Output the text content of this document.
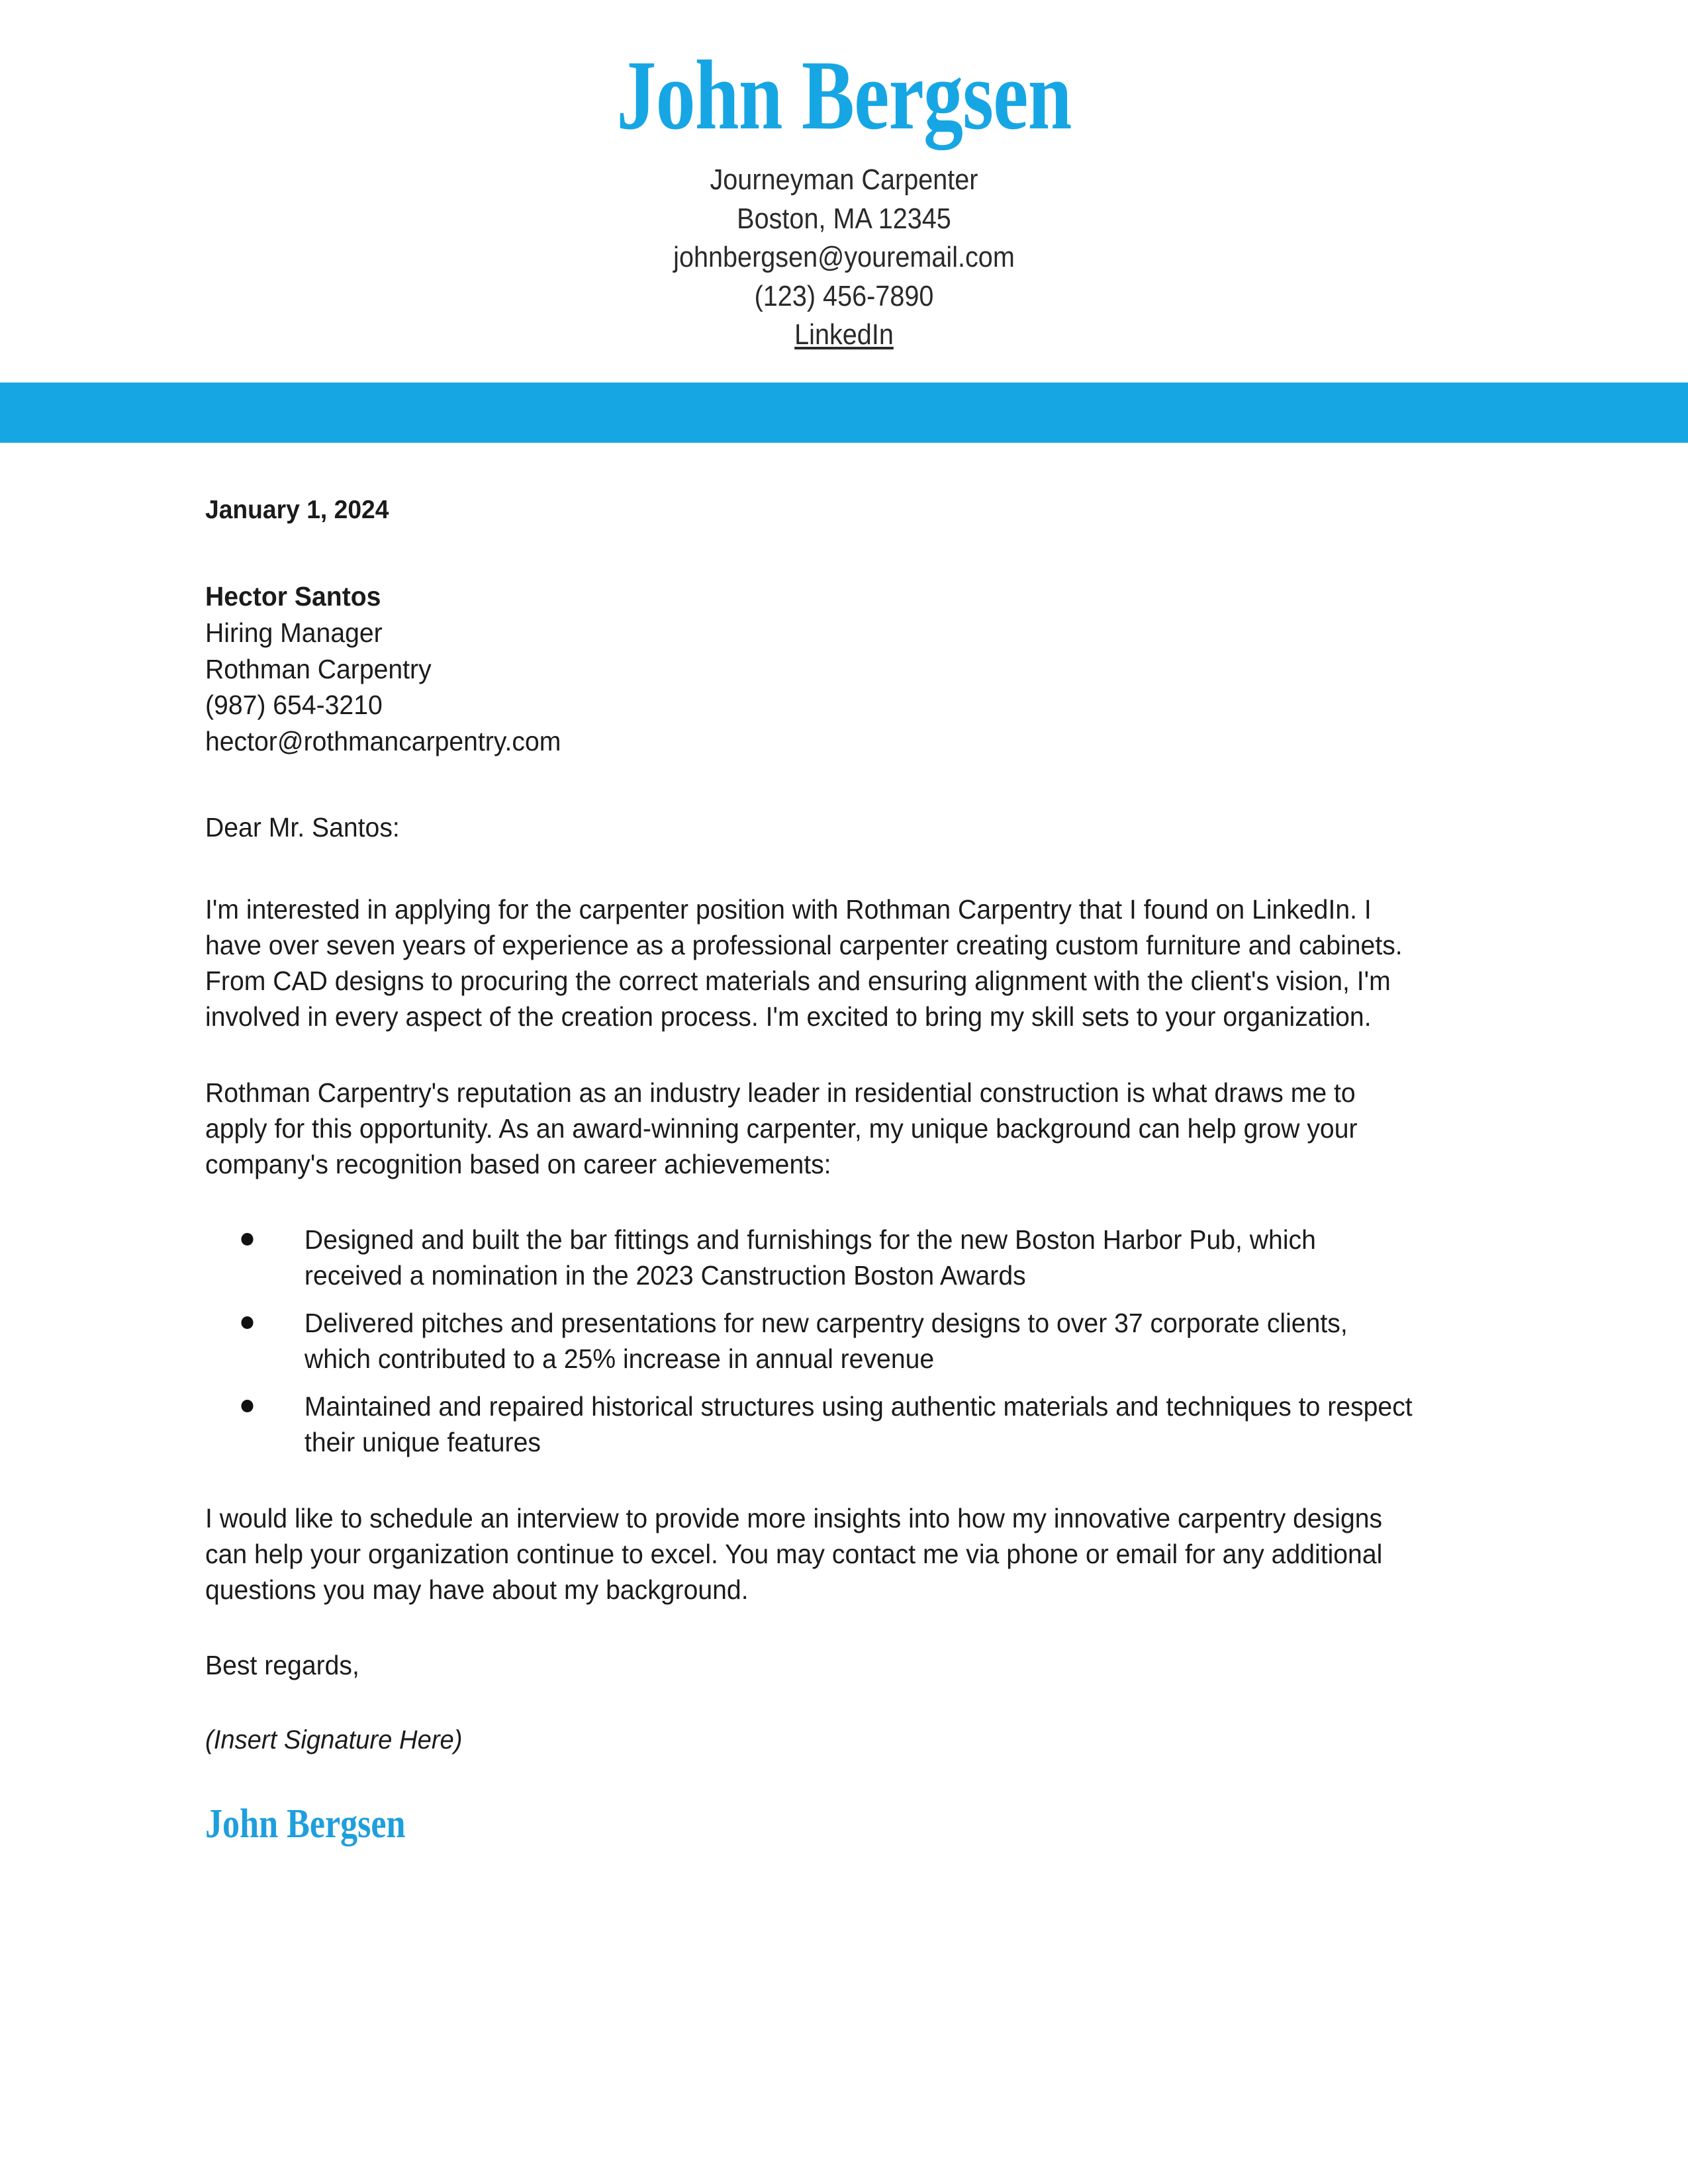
John Bergsen
Journeyman Carpenter
Boston, MA 12345
johnbergsen@youremail.com
(123) 456-7890
LinkedIn
January 1, 2024
Hector Santos
Hiring Manager
Rothman Carpentry
(987) 654-3210
hector@rothmancarpentry.com

Dear Mr. Santos:

I'm interested in applying for the carpenter position with Rothman Carpentry that I found on LinkedIn. I have over seven years of experience as a professional carpenter creating custom furniture and cabinets. From CAD designs to procuring the correct materials and ensuring alignment with the client's vision, I'm involved in every aspect of the creation process. I'm excited to bring my skill sets to your organization.

Rothman Carpentry's reputation as an industry leader in residential construction is what draws me to apply for this opportunity. As an award-winning carpenter, my unique background can help grow your company's recognition based on career achievements:

Designed and built the bar fittings and furnishings for the new Boston Harbor Pub, which received a nomination in the 2023 Canstruction Boston Awards
Delivered pitches and presentations for new carpentry designs to over 37 corporate clients, which contributed to a 25% increase in annual revenue
Maintained and repaired historical structures using authentic materials and techniques to respect their unique features

I would like to schedule an interview to provide more insights into how my innovative carpentry designs can help your organization continue to excel. You may contact me via phone or email for any additional questions you may have about my background.

Best regards,

(Insert Signature Here)

John Bergsen
